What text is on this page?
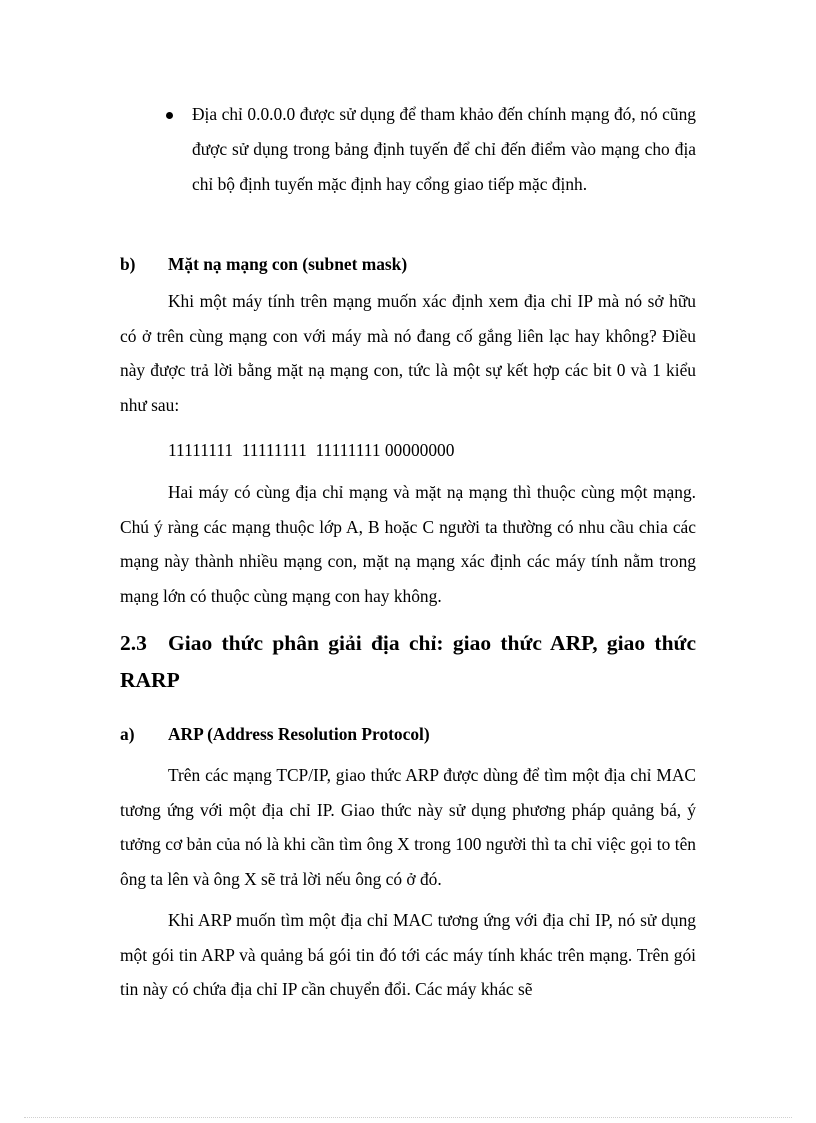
Địa chỉ 0.0.0.0 được sử dụng để tham khảo đến chính mạng đó, nó cũng được sử dụng trong bảng định tuyến để chỉ đến điểm vào mạng cho địa chỉ bộ định tuyến mặc định hay cổng giao tiếp mặc định.

b) Mặt nạ mạng con (subnet mask)

Khi một máy tính trên mạng muốn xác định xem địa chỉ IP mà nó sở hữu có ở trên cùng mạng con với máy mà nó đang cố gắng liên lạc hay không? Điều này được trả lời bằng mặt nạ mạng con, tức là một sự kết hợp các bit 0 và 1 kiểu như sau:

11111111  11111111  11111111 00000000

Hai máy có cùng địa chỉ mạng và mặt nạ mạng thì thuộc cùng một mạng. Chú ý ràng các mạng thuộc lớp A, B hoặc C người ta thường có nhu cầu chia các mạng này thành nhiều mạng con, mặt nạ mạng xác định các máy tính nằm trong mạng lớn có thuộc cùng mạng con hay không.

2.3 Giao thức phân giải địa chỉ: giao thức ARP, giao thức RARP
a) ARP (Address Resolution Protocol)

Trên các mạng TCP/IP, giao thức ARP được dùng để tìm một địa chỉ MAC tương ứng với một địa chỉ IP. Giao thức này sử dụng phương pháp quảng bá, ý tưởng cơ bản của nó là khi cần tìm ông X trong 100 người thì ta chỉ việc gọi to tên ông ta lên và ông X sẽ trả lời nếu ông có ở đó.

Khi ARP muốn tìm một địa chỉ MAC tương ứng với địa chỉ IP, nó sử dụng một gói tin ARP và quảng bá gói tin đó tới các máy tính khác trên mạng. Trên gói tin này có chứa địa chỉ IP cần chuyển đổi. Các máy khác sẽ
